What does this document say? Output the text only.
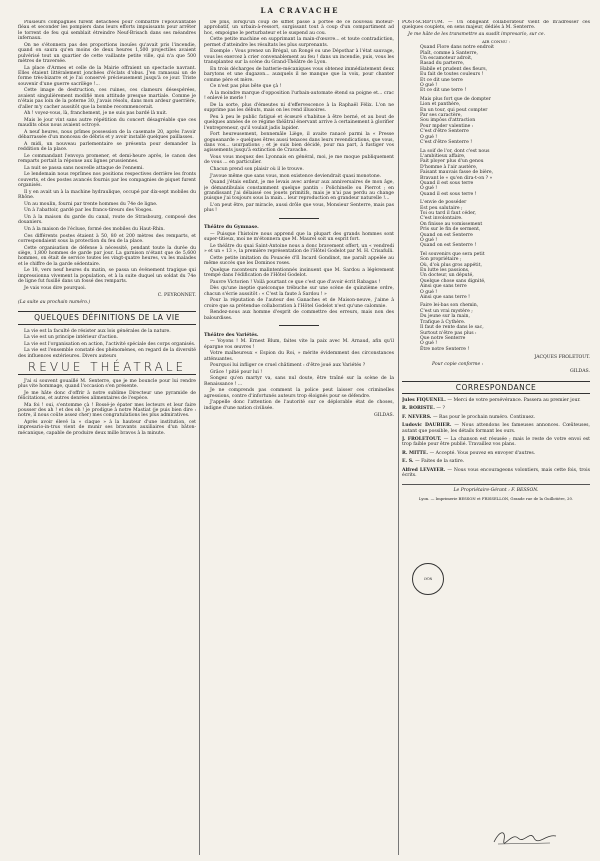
LA CRAVACHE

Plusieurs compagnies furent détachées pour combattre l'épouvantable fléau et seconder les pompiers dans leurs efforts impuissants pour arrêter le torrent de feu qui semblait étreindre Neuf-Brisach dans ses méandres infernaux.

On ne s'étonnera pas des proportions inouïes qu'avait pris l'incendie, quand on saura qu'en moins de deux heures 1,500 projectiles avaient pulvérisé tout un quartier de cette vaillante petite ville, qui n'a que 500 mètres de traversée.

La place d'Armes et celle de la Mairie offraient un spectacle navrant. Elles étaient littéralement jonchées d'éclats d'obus. J'en ramassai un de forme très-bizarre et je l'ai conservé précieusement jusqu'à ce jour. Triste souvenir d'une guerre sacrilège !...

Cette image de destruction, ces ruines, ces clameurs désespérées, avaient singulièrement modifié mon attitude presque martiale. Comme je n'étais pas loin de la poterne 30, j'avais résolu, dans mon ardeur guerrière, d'aller m'y cacher aussitôt que la bombe recommencerait.

Ah ! voyez-vous, là, franchement, je ne suis pas bardé là nuit.

Mais le jour vint sans autre répétition du concert désagréable que ces maudits obus nous avaient octroyé.

A neuf heures, nous prîmes possession de la casemate 20, après l'avoir débarrassée d'un monceau de débris et y avoir installé quelques paillasses.

A midi, un nouveau parlementaire se présenta pour demander la reddition de la place.

Le commandant l'envoya promener, et demi-heure après, le canon des remparts portait la réponse aux lignes prussiennes.

La nuit se passa sans nouvelle attaque de l'ennemi.

Le lendemain nous reprîmes nos positions respectives derrière les fronts couverts, et des postes avancés fournis par les compagnies de piquet furent organisés.

Il y en avait un à la machine hydraulique, occupé par dix-sept mobiles du Rhône.

Un au moulin, fourni par trente hommes du 74e de ligne.

Un à l'abattoir, gardé par les francs-tireurs des Vosges.

Un à la maison du garde du canal, route de Strasbourg, composé des douaniers.

Un à la maison de l'écluse, formé des mobiles du Haut-Rhin.

Ces différents postes étaient à 50, 80 et 200 mètres des remparts, et correspondaient sous la protection du feu de la place.

Cette organisation de défense à nécessité, pendant toute la durée du siège, 1,800 hommes de garde par jour. La garnison n'étant que de 5,600 hommes, on était de service toutes les vingt-quatre heures, vu les malades et le chiffre de la garde sédentaire.

Le 18, vers neuf heures du matin, se passa un événement tragique qui impressionna vivement la population, et à la suite duquel un soldat du 74e de ligne fut fusillé dans un fossé des remparts.

Je vais vous dire pourquoi.

C. PEYRONNET.

(La suite au prochain numéro.)

QUELQUES DÉFINITIONS DE LA VIE

La vie est la faculté de résister aux lois générales de la nature.

La vie est un principe intérieur d'action.

La vie est l'organisation en action, l'activité spéciale des corps organisés.

La vie est l'ensemble constaté des phénomènes, en regard de la diversité des influences extérieures. Divers auteurs

REVUE THÉATRALE

J'ai si souvent gouaillé M. Senterre, que je me bouncle pour lui rendre plus vite hommage, quand l'occasion s'en présente.

Je me hâte donc d'offrir à notre sublime Directeur une pyramide de félicitations, et autres denrées alimentaires de l'espèce.

Ma foi ! oui, s'entomme çà ! Bossé-je épater mes lecteurs et leur faire pousser des ah ! et des oh ! je prodigue à notre Mastiat (je puis bien dire : notre, il nous coûte assez cher) mes congratulations les plus admiratives.

Après avoir élevé la « claque » à la hauteur d'une institution, cet impresario-in-trus vient de munir ses bravants auxiliaires d'un bâton-mécanique, capable de produire deux mille bravos à la minute.

De plus, lorsqu'un coup de sifflet passe à portée de ce nouveau moteur-approbatif, un urbain-à-ressort, surgissant tout à coup d'un compartiment ad hoc, empoigne le perturbateur et le suspend au cou.

Cette petite machine en supprimant la main-d'œuvre... et toute contradiction, permet d'atteindre les résultats les plus surprenants.

Exemple : Vous prenez un Brégal, un Rongé ou une Dépothar à l'état sauvage, vous les exercez à crier convenablement au feu ! dans un incendie, puis, vous les transplantez sur la scène du Grand-Théâtre de Lyon.

En trois décharges de batterie-mécaniques vous obtenez immédiatement deux barytons et une dugazon... auxquels il ne manque que la voix, pour chanter comme père et mère.

Ce n'est pas plus bête que çà !

A la moindre marque d'opposition l'urbain-automate étend sa poigne et... crac ! enlevé le merle !

De la sorte, plus d'émeutes ni d'effervescence à la Raphaël Félix. L'on ne supprime pas les débuts, mais on les rend illusoires.

Peu à peu le public fatigué et écœuré s'habitue à être berné, et au bout de quelques années de ce régime théâtral énervant arrive à certainement à glorifier l'entrepreneur, qu'il voulait jadis lapider.

Fort heureusement, bonnemâle Liège, il avaite ranacé parmi la « Presse gogueanarde » quelques êtres aussi tenaces dans leurs revendications, que vous, dans vos... usurpations ; et je suis bien décidé, pour ma part, à fustiger vos agissements jusqu'à extinction de Cravache.

Vous vous moquez des Lyonnais en général, moi, je me moque publiquement de vous ... en particulier.

Chacun prend son plaisir où il le trouve.

J'avoue même que sans vous, mon existence deviendrait quasi monotone.

Quand j'étais enfant, je me levais avec ardeur aux anniversaires de mon âge, je démantibulais constamment quelque pantin : Polichinelle ou Pierrot ; en grandissant j'ai délaissé ces jouets primitifs, mais je n'ai pas perdu au change puisque j'ai toujours sous la main... leur reproduction en grandeur naturelle !...

L'on peut être, par miracle, aussi drôle que vous, Monsieur Senterre, mais pas plus !

Théâtre du Gymnase.

— Puisque l'histoire nous apprend que la plupart des grands hommes sont super-titieux, moi ne m'étonnera que M. Maurel soit un esprit fort.

Le théâtre du quai Saint-Antoine nous a donc bravement offert, un « vendredi » et un « 13 », la première représentation de l'Hôtel Godelot par M. H. Crisafulli.

Cette petite imitation du Pouacée d'Il Incard Gondinot, me paraît appelée au même succès que les Dominos roses.

Quelque raconteurs malintentionnés insinuent que M. Sardou a légèrement trempé dans l'édification de l'Hôtel Godelot.

Pauvre Victorien ! Voilà pourtant ce que c'est que d'avoir écrit Rabagas !

Dès qu'une ineptie quelconque trébuche sur une scène de quinzième ordre, chacun s'écrie aussitôt : « C'est la faute à Sardou ! »

Pour la réputation de l'auteur des Ganaches et de Maison-neuve, j'aime à croire que sa prétendue collaboration à l'Hôtel Godelot n'est qu'une calomnie.

Rendez-nous aux homme d'esprit de commettre des erreurs, mais non des balourdises.

Théâtre des Variétés.

— Voyons ! M. Ernest Blum, faites vite la paix avec M. Arnaud, afin qu'il épargne vos œuvres !

Votre malheureux « Espion du Roi, » mérite évidemment des circonstances atténuantes.

Pourquoi lui infliger ce cruel châtiment : d'être joué aux Variétés ?

Grâce ! pitié pour lui !

Songez qu'en martyr va, sans nul doute, être traîné sur la scène de la Renaissance ! ...

Je ne comprends pas comment la police peut laisser ces criminelles agressions, contre d'infortunés auteurs trop éloignés pour se défendre.

J'appelle donc l'attention de l'autorité sur ce déplorable état de choses, indigne d'une nation civilisée.

GILDAS.

POST-SCRIPTUM. — Un obligeant collaborateur vient de m'adresser ces quelques couplets, en sens majeur, dédiés à M. Senterre.

Je me hâte de les transmettre au susdit impresario, sur ce.

AIR CONNU :

Quand Flore dans notre endroit
Plaît, comme à Santerre,
Un escamoteur adroit,
Rasad du parterre,
Habile et prudent des fleurs,
Eu fait de toutes couleurs !
Et ce dit une terre
O gué !
Et ce dit une terre !
Mais plus fort que de dompter
Lion et panthère,
En un tour, qui peut compter
Par ses caractère,
Sou impôss d'attraction
Pour mpder valentine :
C'est d'être Senterre
O gué !
C'est d'être Senterre !
La soif de l'or, dont c'est nous
L'ambitieux affaire,
Fait ployer plus d'un genou
D'homme à l'air austère,
Faisant mauvais fasse de bière,
Bravant le « qu'en dira-t-on ? »
Quand il est sous terre
O gué !
Quand il est sous terre !
L'envie de posséder
Est peu salutaire ;
Toi ou tard il faut céder,
C'est involontaire.
On finisse au vomissement
Pris sur le fin de serment,
Quand on est Senterre
O gué !
Quand on est Senterre !
Tel souvenirs que sera petit
Son propriétaire ;
Où, d'où plus gros appétit,
En lutte les passions,
Un docteur, un député,
Quelque chose sans dignité,
Ainsi que sans terre
O gué !
Ainsi que sans terre !
Faire lei-bas son chemin,
C'est un vrai mystère ;
Du jeune sur la main,
Trafique à Cythère.
Il faut de rente dans le sac,
Surtout n'être pas plus :
Que notre Senterre
O gué !
Être notre Senterre !

JACQUES FROLETOUT.

Pour copie conforme :

GILDAS.

CORRESPONDANCE

Jules FIQUENEL. — Merci de votre persévérance. Passera au premier jour.

R. BORISTE. — ?

F. NEVERS. — Ras pour le prochain numéro. Continuez.

Ludovic DAUBIER. — Nous attendons les fameuses annonces. Cœûteuses, autant que possible, les détails formant les ours.

J. FROLETOUT. — La chanson est résusée ; mais le reste de votre envoi est trop faible pour être publié. Travaillez vos plans.

R. MITTE. — Accepté. Vous pouvez en envoyer d'autres.

E. S. — Faites de la satire.

Alfred LEVAYER. — Nous vous encourageons volontiers, mais cette fois, trois écrits.

Le Propriétaire-Gérant : F. BESSON.
Lyon. — Imprimerie BESSON et FRISSELLON, Grande rue de la Guillotière, 20.
LYON
